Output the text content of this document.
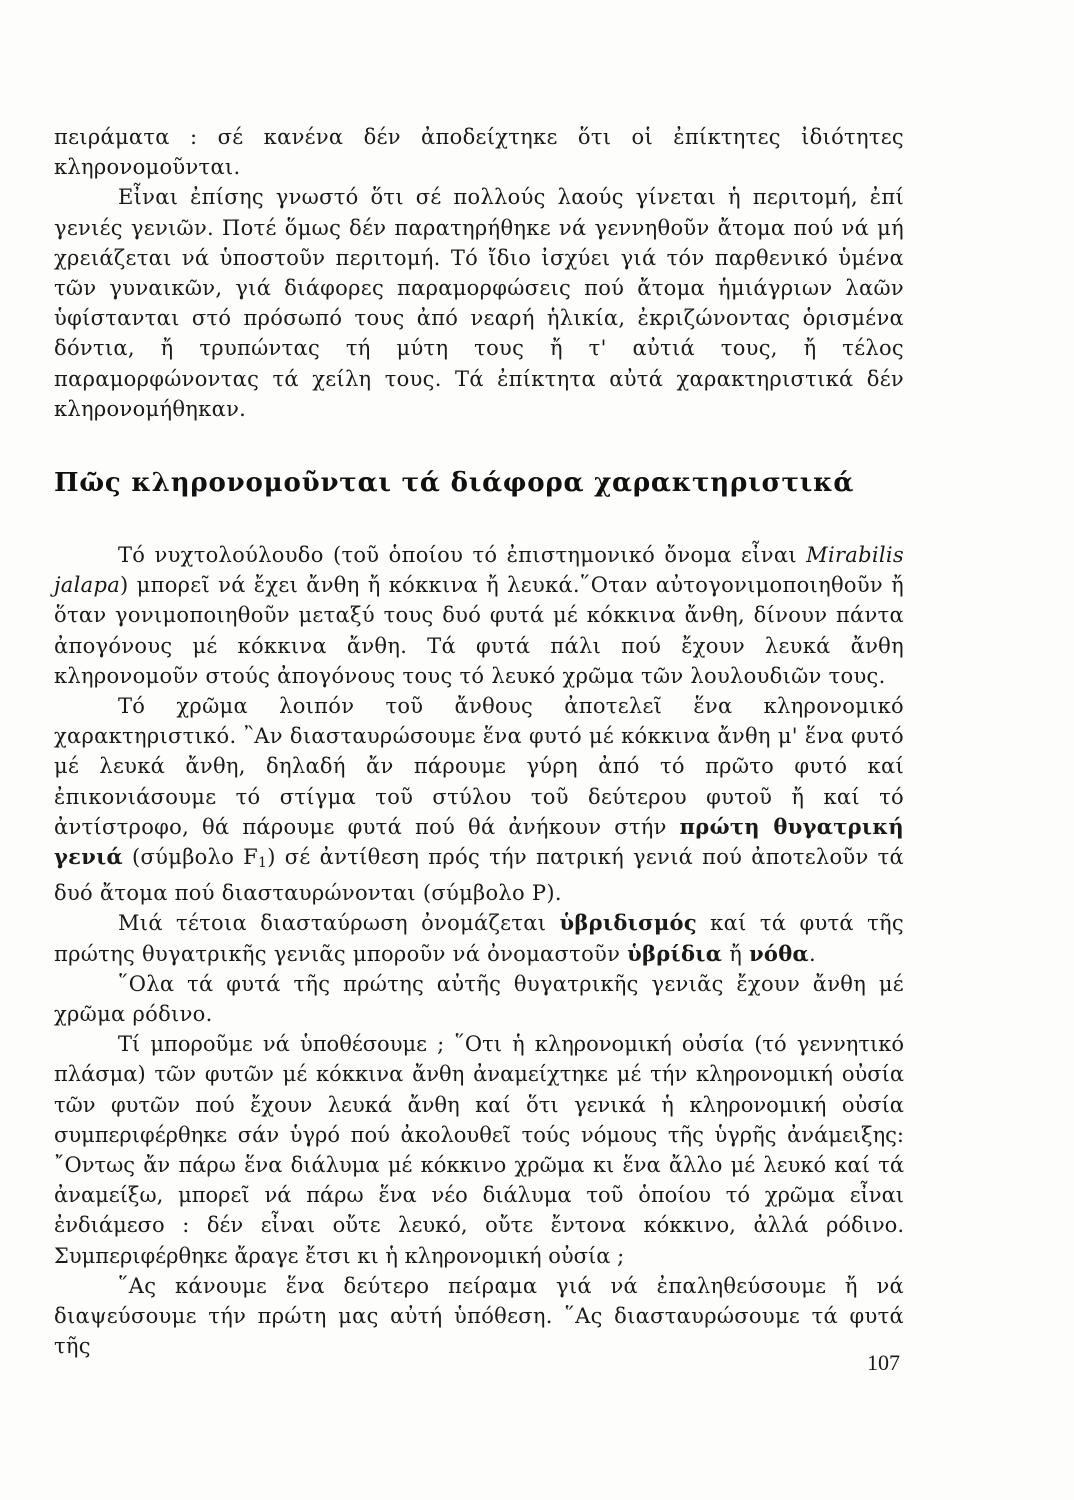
πειράματα : σέ κανένα δέν ἀποδείχτηκε ὅτι οἱ ἐπίκτητες ἰδιότητες κληρονομοῦνται.

Εἶναι ἐπίσης γνωστό ὅτι σέ πολλούς λαούς γίνεται ἡ περιτομή, ἐπί γενιές γενιῶν. Ποτέ ὅμως δέν παρατηρήθηκε νά γεννηθοῦν ἄτομα πού νά μή χρειάζεται νά ὑποστοῦν περιτομή. Τό ἴδιο ἰσχύει γιά τόν παρθενικό ὑμένα τῶν γυναικῶν, γιά διάφορες παραμορφώσεις πού ἄτομα ἡμιάγριων λαῶν ὑφίστανται στό πρόσωπό τους ἀπό νεαρή ἡλικία, ἐκριζώνοντας ὁρισμένα δόντια, ἤ τρυπώντας τή μύτη τους ἤ τ' αὐτιά τους, ἤ τέλος παραμορφώνοντας τά χείλη τους. Τά ἐπίκτητα αὐτά χαρακτηριστικά δέν κληρονομήθηκαν.

Πῶς κληρονομοῦνται τά διάφορα χαρακτηριστικά

Τό νυχτολούλουδο (τοῦ ὁποίου τό ἐπιστημονικό ὄνομα εἶναι Mirabilis jalapa) μπορεῖ νά ἔχει ἄνθη ἤ κόκκινα ἤ λευκά.῞Οταν αὐτογονιμοποιηθοῦν ἤ ὅταν γονιμοποιηθοῦν μεταξύ τους δυό φυτά μέ κόκκινα ἄνθη, δίνουν πάντα ἀπογόνους μέ κόκκινα ἄνθη. Τά φυτά πάλι πού ἔχουν λευκά ἄνθη κληρονομοῦν στούς ἀπογόνους τους τό λευκό χρῶμα τῶν λουλουδιῶν τους.

Τό χρῶμα λοιπόν τοῦ ἄνθους ἀποτελεῖ ἕνα κληρονομικό χαρακτηριστικό. ῍Αν διασταυρώσουμε ἕνα φυτό μέ κόκκινα ἄνθη μ' ἕνα φυτό μέ λευκά ἄνθη, δηλαδή ἄν πάρουμε γύρη ἀπό τό πρῶτο φυτό καί ἐπικονιάσουμε τό στίγμα τοῦ στύλου τοῦ δεύτερου φυτοῦ ἤ καί τό ἀντίστροφο, θά πάρουμε φυτά πού θά ἀνήκουν στήν πρώτη θυγατρική γενιά (σύμβολο $F_1$) σέ ἀντίθεση πρός τήν πατρική γενιά πού ἀποτελοῦν τά δυό ἄτομα πού διασταυρώνονται (σύμβολο P).

Μιά τέτοια διασταύρωση ὀνομάζεται ὑβριδισμός καί τά φυτά τῆς πρώτης θυγατρικῆς γενιᾶς μποροῦν νά ὀνομαστοῦν ὑβρίδια ἤ νόθα.

῞Ολα τά φυτά τῆς πρώτης αὐτῆς θυγατρικῆς γενιᾶς ἔχουν ἄνθη μέ χρῶμα ρόδινο.

Τί μποροῦμε νά ὑποθέσουμε ; ῞Οτι ἡ κληρονομική οὐσία (τό γεννητικό πλάσμα) τῶν φυτῶν μέ κόκκινα ἄνθη ἀναμείχτηκε μέ τήν κληρονομική οὐσία τῶν φυτῶν πού ἔχουν λευκά ἄνθη καί ὅτι γενικά ἡ κληρονομική οὐσία συμπεριφέρθηκε σάν ὑγρό πού ἀκολουθεῖ τούς νόμους τῆς ὑγρῆς ἀνάμειξης: ῎Οντως ἄν πάρω ἕνα διάλυμα μέ κόκκινο χρῶμα κι ἕνα ἄλλο μέ λευκό καί τά ἀναμείξω, μπορεῖ νά πάρω ἕνα νέο διάλυμα τοῦ ὁποίου τό χρῶμα εἶναι ἐνδιάμεσο : δέν εἶναι οὔτε λευκό, οὔτε ἔντονα κόκκινο, ἀλλά ρόδινο. Συμπεριφέρθηκε ἄραγε ἔτσι κι ἡ κληρονομική οὐσία ;

῞Ας κάνουμε ἕνα δεύτερο πείραμα γιά νά ἐπαληθεύσουμε ἤ νά διαψεύσουμε τήν πρώτη μας αὐτή ὑπόθεση. ῞Ας διασταυρώσουμε τά φυτά τῆς

107
